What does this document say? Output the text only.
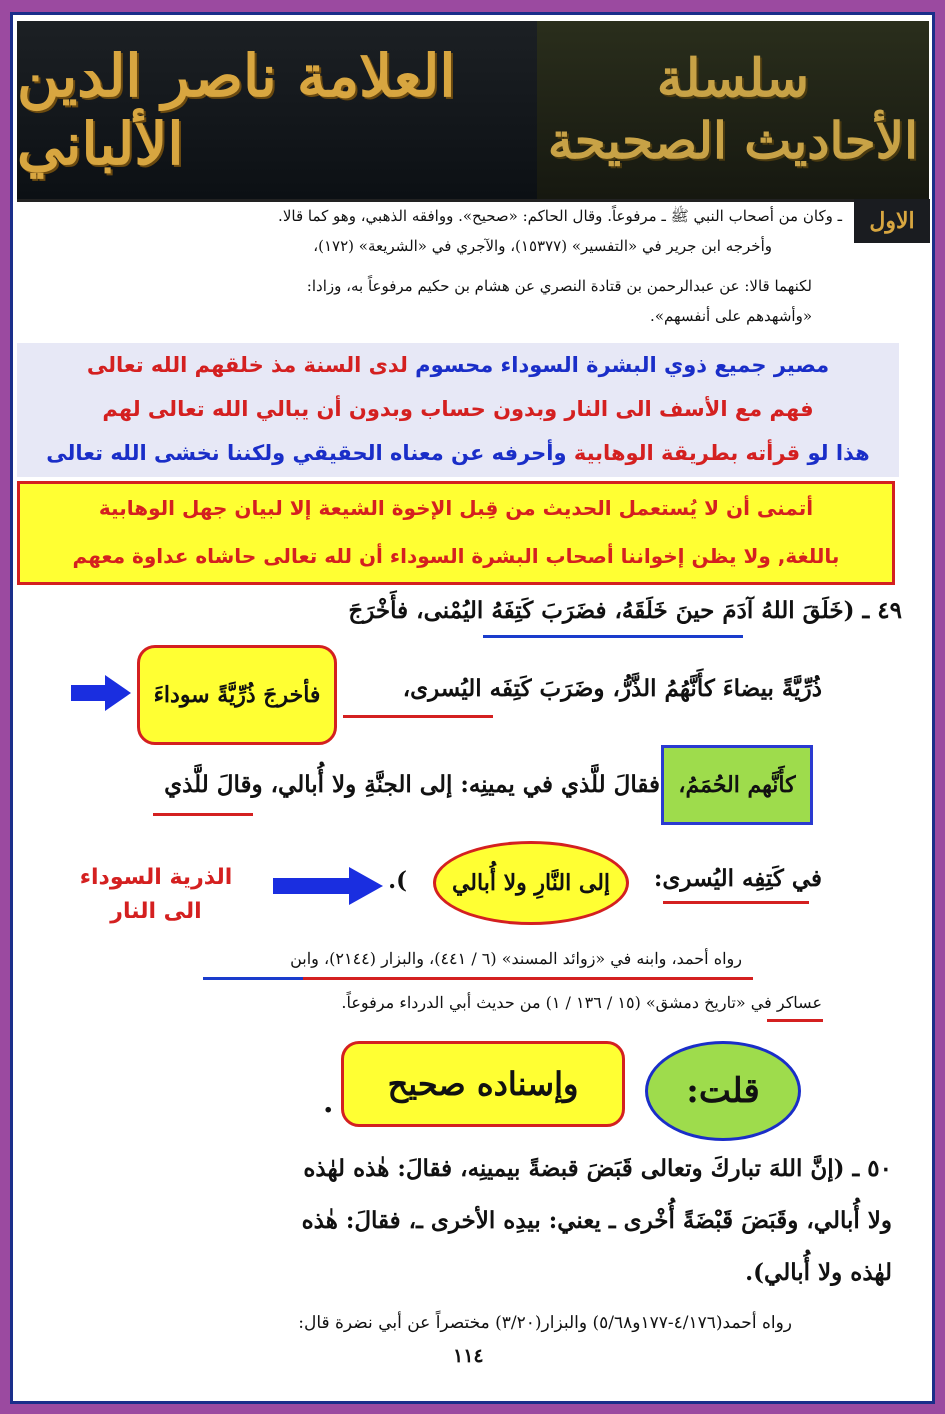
العلامة ناصر الدين الألباني
سلسلة
الأحاديث الصحيحة
الاول
ـ وكان من أصحاب النبي ﷺ ـ مرفوعاً. وقال الحاكم: «صحيح». ووافقه الذهبي، وهو كما قالا.
وأخرجه ابن جرير في «التفسير» (١٥٣٧٧)، والآجري في «الشريعة» (١٧٢)،
لكنهما قالا: عن عبدالرحمن بن قتادة النصري عن هشام بن حكيم مرفوعاً به، وزادا:
«وأشهدهم على أنفسهم».
مصير جميع ذوي البشرة السوداء محسوم لدى السنة مذ خلقهم الله تعالى
فهم مع الأسف الى النار وبدون حساب وبدون أن يبالي الله تعالى لهم
هذا لو قرأته بطريقة الوهابية وأحرفه عن معناه الحقيقي ولكننا نخشى الله تعالى
أتمنى أن لا يُستعمل الحديث من قِبل الإخوة الشيعة إلا لبيان جهل الوهابية
باللغة, ولا يظن إخواننا أصحاب البشرة السوداء أن لله تعالى حاشاه عداوة معهم
٤٩ ـ (خَلَقَ اللهُ آدَمَ حينَ خَلَقَهُ، فضَرَبَ كَتِفَهُ اليُمْنى، فأَخْرَجَ
فأخرجَ ذُرِّيَّةً سوداءَ	ذُرِّيَّةً بيضاءَ كأَنَّهُمُ الذَّرُّ، وضَرَبَ كَتِفَه اليُسرى،
كأَنَّهم الحُمَمُ،
فقالَ للَّذي في يمينِه: إلى الجنَّةِ ولا أُبالي، وقالَ للَّذي
في كَتِفِه اليُسرى:
إلى النَّارِ ولا أُبالي
).
الذرية السوداء
الى النار
رواه أحمد، وابنه في «زوائد المسند» (٦ / ٤٤١)، والبزار (٢١٤٤)، وابن
عساكر في «تاريخ دمشق» (١٥ / ١٣٦ / ١) من حديث أبي الدرداء مرفوعاً.
قلت:
وإسناده صحيح
.
٥٠ ـ (إنَّ اللهَ تباركَ وتعالى قَبَضَ قبضةً بيمينِه، فقالَ: هٰذه لهٰذه
ولا أُبالي، وقَبَضَ قَبْضَةً أُخْرى ـ يعني: بيدِه الأخرى ـ، فقالَ: هٰذه
لهٰذه ولا أُبالي).
رواه أحمد(٤/١٧٦-١٧٧و٥/٦٨) والبزار(٣/٢٠) مختصراً عن أبي نضرة قال:
١١٤
